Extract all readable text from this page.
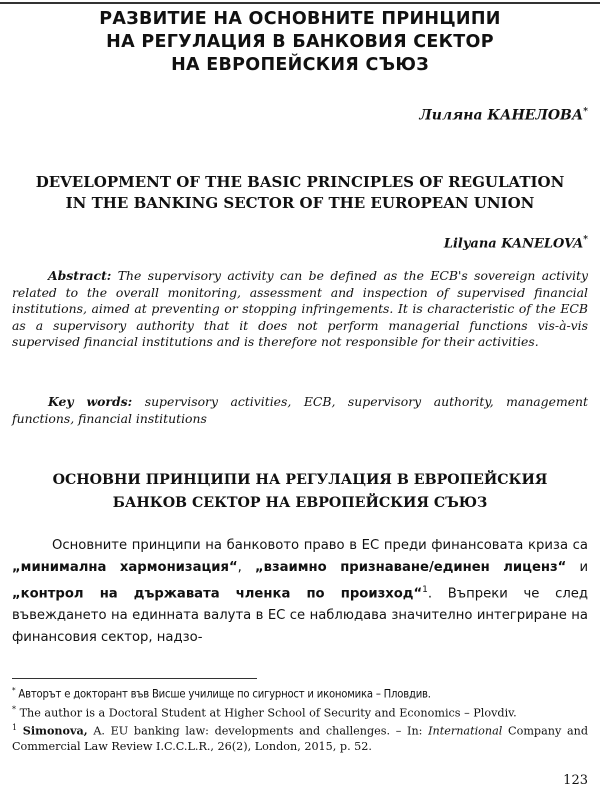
РАЗВИТИЕ НА ОСНОВНИТЕ ПРИНЦИПИ
НА РЕГУЛАЦИЯ В БАНКОВИЯ СЕКТОР
НА ЕВРОПЕЙСКИЯ СЪЮЗ
Лиляна КАНЕЛОВА*
DEVELOPMENT OF THE BASIC PRINCIPLES OF REGULATION
IN THE BANKING SECTOR OF THE EUROPEAN UNION
Lilyana KANELOVA*
Abstract: The supervisory activity can be defined as the ECB's sovereign activity related to the overall monitoring, assessment and inspection of supervised financial institutions, aimed at preventing or stopping infringements. It is characteristic of the ECB as a supervisory authority that it does not perform managerial functions vis-à-vis supervised financial institutions and is therefore not responsible for their activities.
Key words: supervisory activities, ECB, supervisory authority, management functions, financial institutions
ОСНОВНИ ПРИНЦИПИ НА РЕГУЛАЦИЯ В ЕВРОПЕЙСКИЯ
БАНКОВ СЕКТОР НА ЕВРОПЕЙСКИЯ СЪЮЗ
Основните принципи на банковото право в ЕС преди финансовата криза са „минимална хармонизация“, „взаимно признаване/единен лиценз“ и „контрол на държавата членка по произход“$^1$. Въпреки че след въвеждането на единната валута в ЕС се наблюдава значително интегриране на финансовия сектор, надзо-
* Авторът е докторант във Висше училище по сигурност и икономика – Пловдив.
* The author is a Doctoral Student at Higher School of Security and Economics – Plovdiv.
$^1$ Simonova, A. EU banking law: developments and challenges. – In: International Company and Commercial Law Review I.C.C.L.R., 26(2), London, 2015, p. 52.
123
